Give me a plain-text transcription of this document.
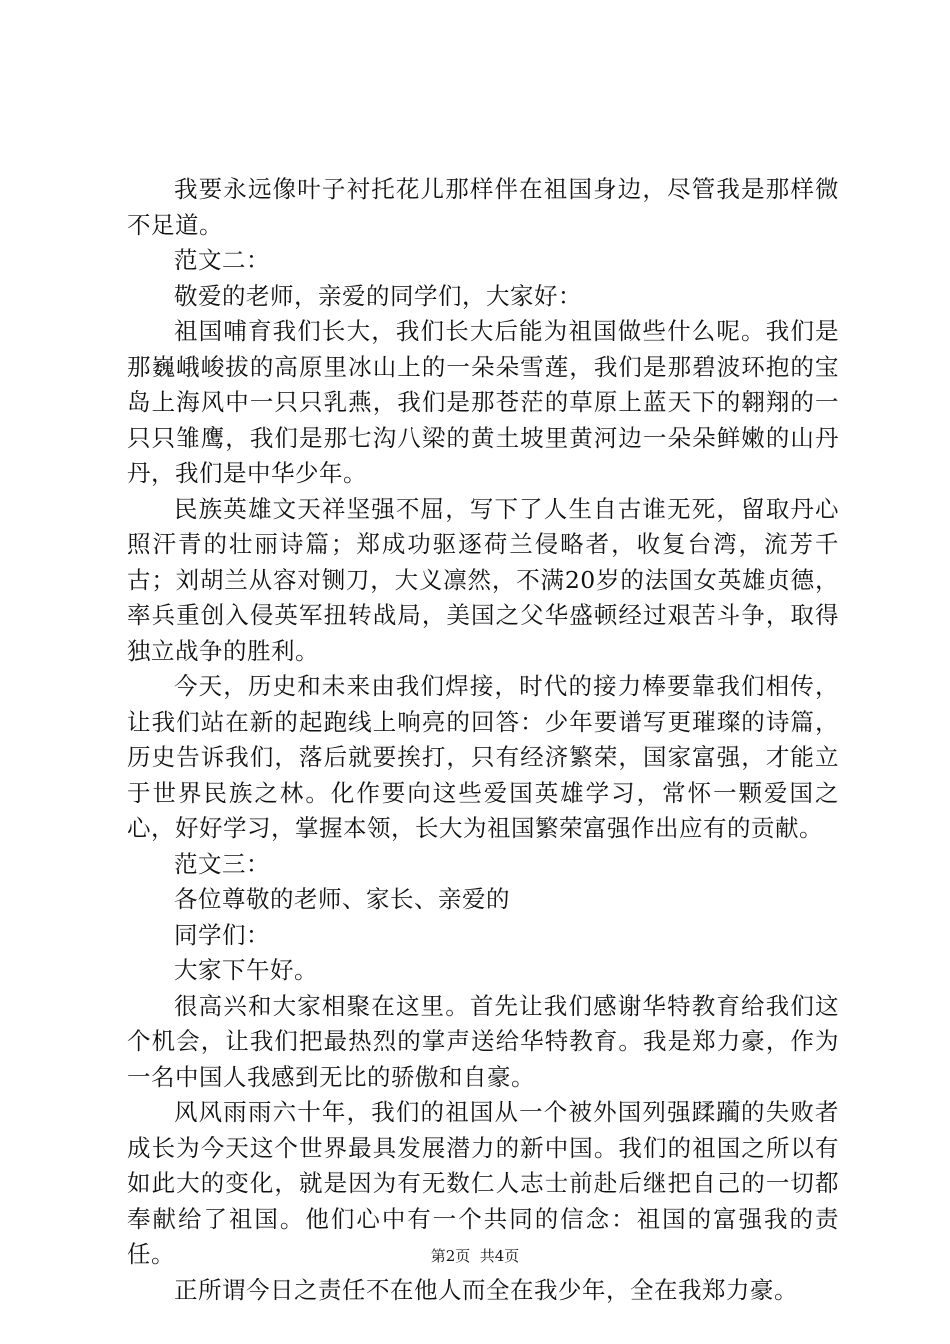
我要永远像叶子衬托花儿那样伴在祖国身边，尽管我是那样微不足道。

范文二：

敬爱的老师，亲爱的同学们，大家好：

祖国哺育我们长大，我们长大后能为祖国做些什么呢。我们是那巍峨峻拔的高原里冰山上的一朵朵雪莲，我们是那碧波环抱的宝岛上海风中一只只乳燕，我们是那苍茫的草原上蓝天下的翱翔的一只只雏鹰，我们是那七沟八梁的黄土坡里黄河边一朵朵鲜嫩的山丹丹，我们是中华少年。

民族英雄文天祥坚强不屈，写下了人生自古谁无死，留取丹心照汗青的壮丽诗篇；郑成功驱逐荷兰侵略者，收复台湾，流芳千古；刘胡兰从容对铡刀，大义凛然，不满20岁的法国女英雄贞德，率兵重创入侵英军扭转战局，美国之父华盛顿经过艰苦斗争，取得独立战争的胜利。

今天，历史和未来由我们焊接，时代的接力棒要靠我们相传，让我们站在新的起跑线上响亮的回答：少年要谱写更璀璨的诗篇，历史告诉我们，落后就要挨打，只有经济繁荣，国家富强，才能立于世界民族之林。化作要向这些爱国英雄学习，常怀一颗爱国之心，好好学习，掌握本领，长大为祖国繁荣富强作出应有的贡献。

范文三：

各位尊敬的老师、家长、亲爱的

同学们：

大家下午好。

很高兴和大家相聚在这里。首先让我们感谢华特教育给我们这个机会，让我们把最热烈的掌声送给华特教育。我是郑力豪，作为一名中国人我感到无比的骄傲和自豪。

风风雨雨六十年，我们的祖国从一个被外国列强蹂躏的失败者成长为今天这个世界最具发展潜力的新中国。我们的祖国之所以有如此大的变化，就是因为有无数仁人志士前赴后继把自己的一切都奉献给了祖国。他们心中有一个共同的信念：祖国的富强我的责任。

正所谓今日之责任不在他人而全在我少年，全在我郑力豪。

第2页  共4页
